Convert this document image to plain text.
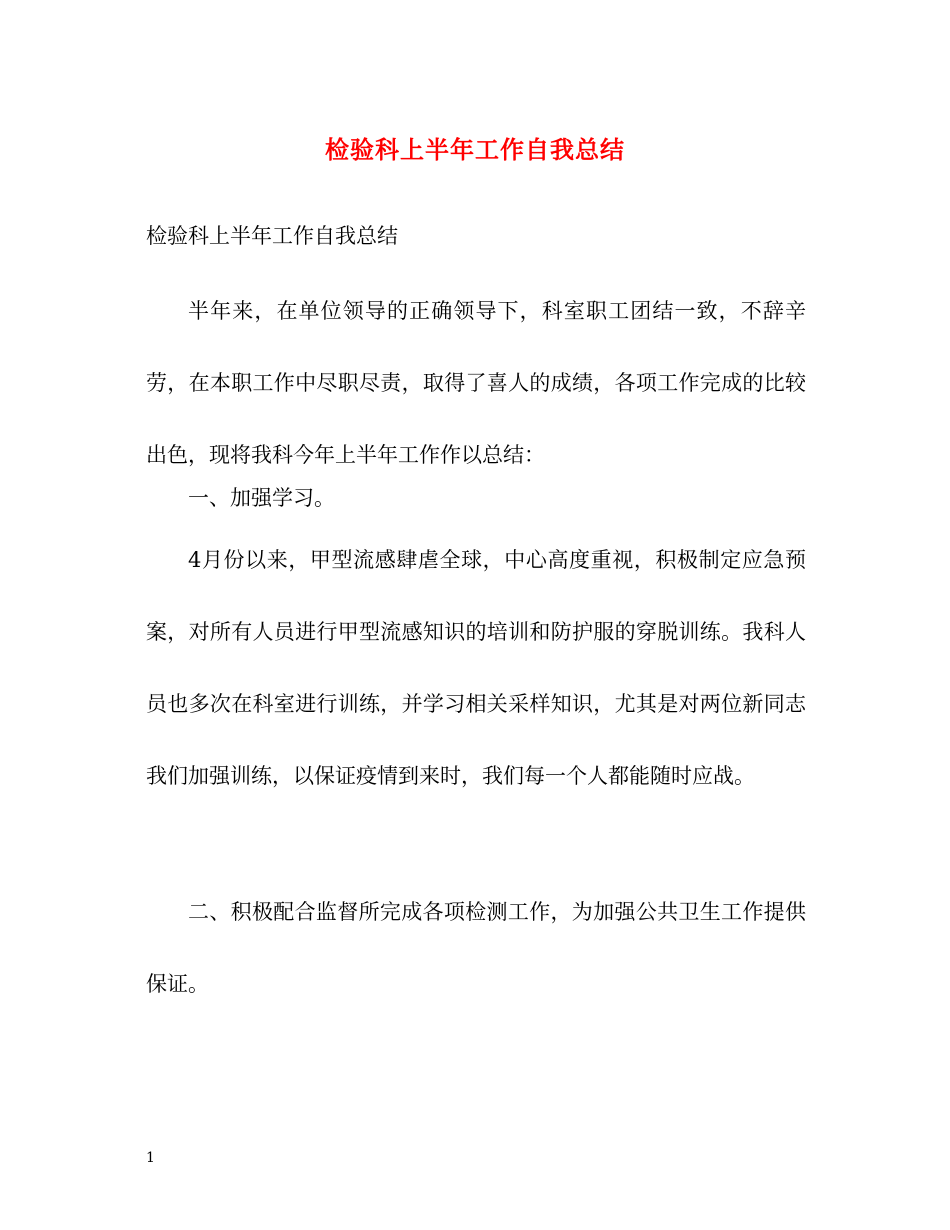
检验科上半年工作自我总结
检验科上半年工作自我总结

半年来，在单位领导的正确领导下，科室职工团结一致，不辞辛劳，在本职工作中尽职尽责，取得了喜人的成绩，各项工作完成的比较出色，现将我科今年上半年工作作以总结：

一、加强学习。

4月份以来，甲型流感肆虐全球，中心高度重视，积极制定应急预案，对所有人员进行甲型流感知识的培训和防护服的穿脱训练。我科人员也多次在科室进行训练，并学习相关采样知识，尤其是对两位新同志我们加强训练，以保证疫情到来时，我们每一个人都能随时应战。

二、积极配合监督所完成各项检测工作，为加强公共卫生工作提供保证。

1
